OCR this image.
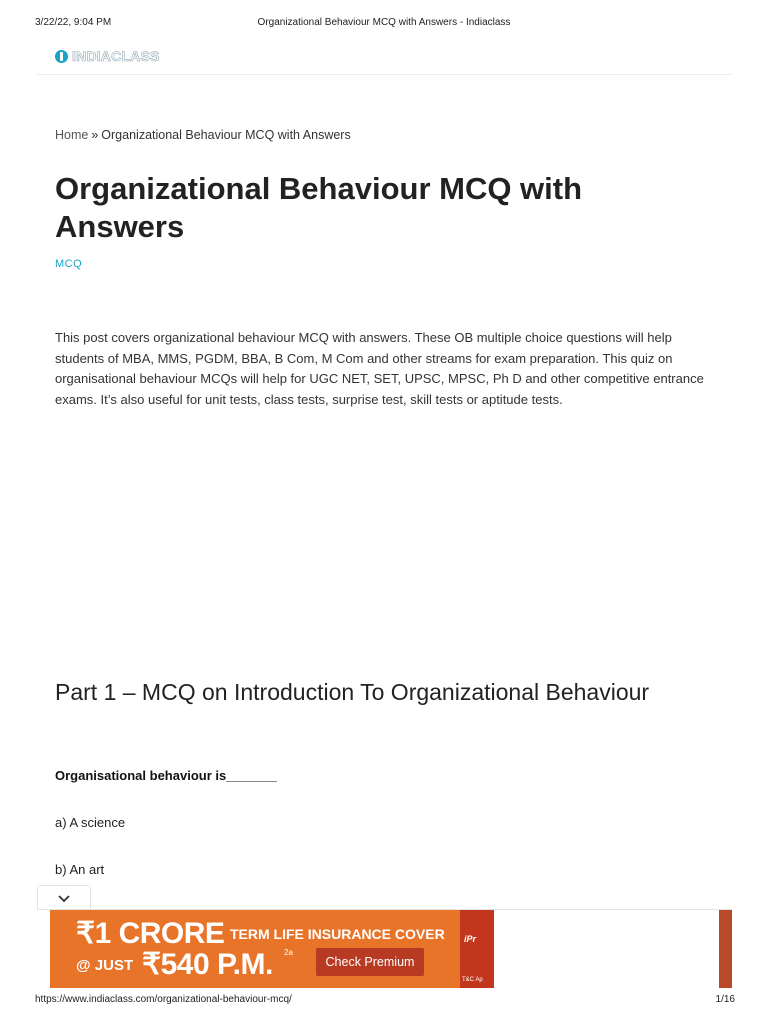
3/22/22, 9:04 PM	Organizational Behaviour MCQ with Answers - Indiaclass
INDIACLASS
Home » Organizational Behaviour MCQ with Answers
Organizational Behaviour MCQ with Answers
MCQ

This post covers organizational behaviour MCQ with answers. These OB multiple choice questions will help students of MBA, MMS, PGDM, BBA, B Com, M Com and other streams for exam preparation. This quiz on organisational behaviour MCQs will help for UGC NET, SET, UPSC, MPSC, Ph D and other competitive entrance exams. It’s also useful for unit tests, class tests, surprise test, skill tests or aptitude tests.

Part 1 – MCQ on Introduction To Organizational Behaviour
Organisational behaviour is_______
a) A science
b) An art
₹1 CRORE TERM LIFE INSURANCE COVER
@ JUST ₹540 P.M. 2a
Check Premium
iPr
T&C Ap
https://www.indiaclass.com/organizational-behaviour-mcq/	1/16
